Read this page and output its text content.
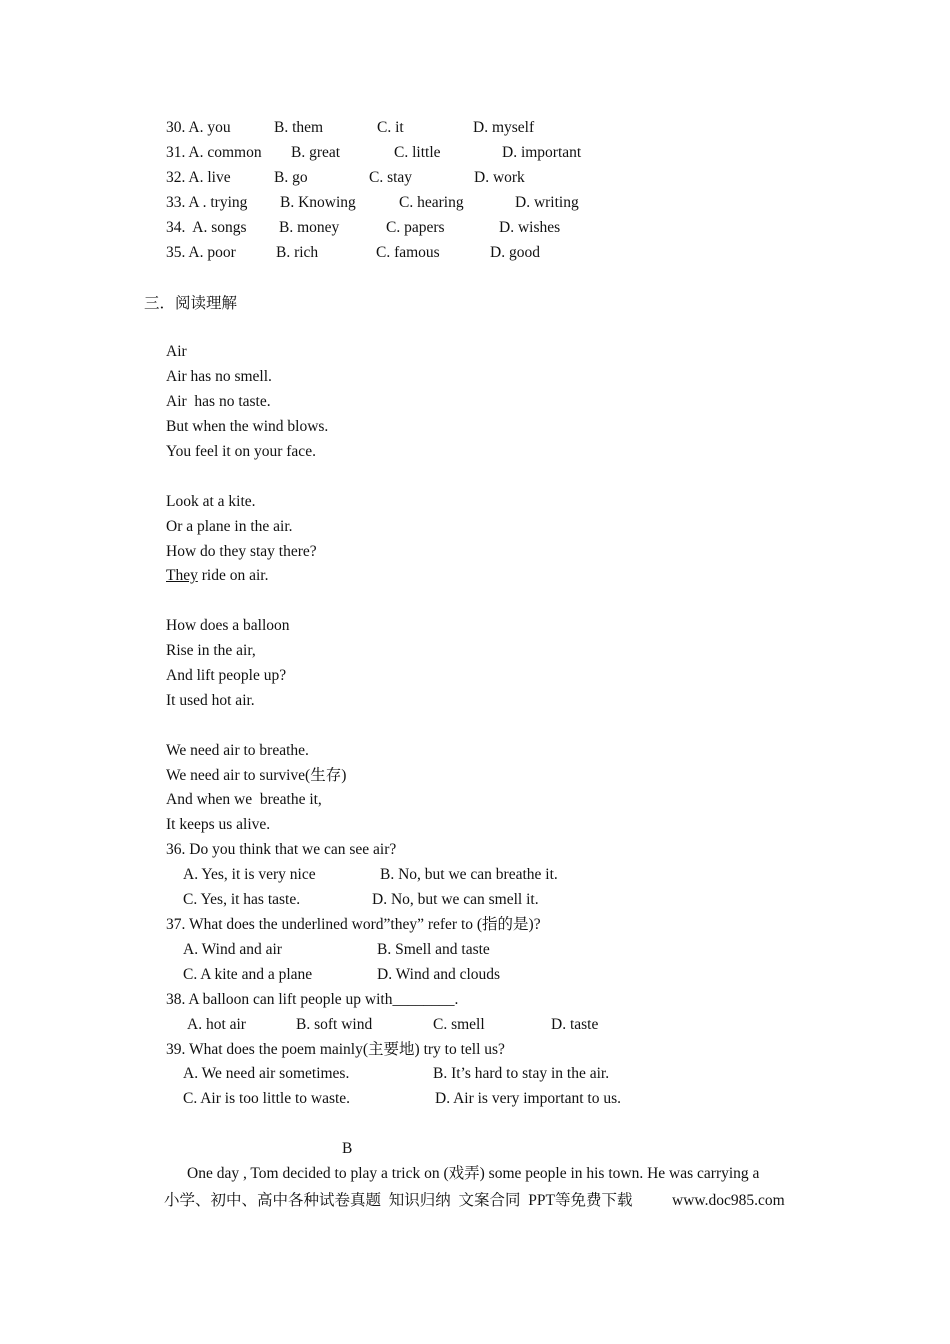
30. A. you	B. them	C. it	D. myself
31. A. common B. great	C. little	D. important
32. A. live	B. go	C. stay	D. work
33. A . trying B. Knowing	C. hearing	D. writing
34.  A. songs B. money	C. papers	D. wishes
35. A. poor	B. rich	C. famous	D. good
三．阅读理解
Air
Air has no smell.
Air  has no taste.
But when the wind blows.
You feel it on your face.
Look at a kite.
Or a plane in the air.
How do they stay there?
They ride on air.
How does a balloon
Rise in the air,
And lift people up?
It used hot air.
We need air to breathe.
We need air to survive(生存)
And when we  breathe it,
It keeps us alive.
36. Do you think that we can see air?
A. Yes, it is very nice	B. No, but we can breathe it.
C. Yes, it has taste.	D. No, but we can smell it.
37. What does the underlined word”they” refer to (指的是)?
A. Wind and air	B. Smell and taste
C. A kite and a plane	D. Wind and clouds
38. A balloon can lift people up with________.
A. hot air	B. soft wind	C. smell	D. taste
39. What does the poem mainly(主要地) try to tell us?
A. We need air sometimes.	B. It’s hard to stay in the air.
C. Air is too little to waste.	D. Air is very important to us.
B
One day , Tom decided to play a trick on (戏弄) some people in his town. He was carrying a
小学、初中、高中各种试卷真题  知识归纳  文案合同  PPT等免费下载	www.doc985.com
